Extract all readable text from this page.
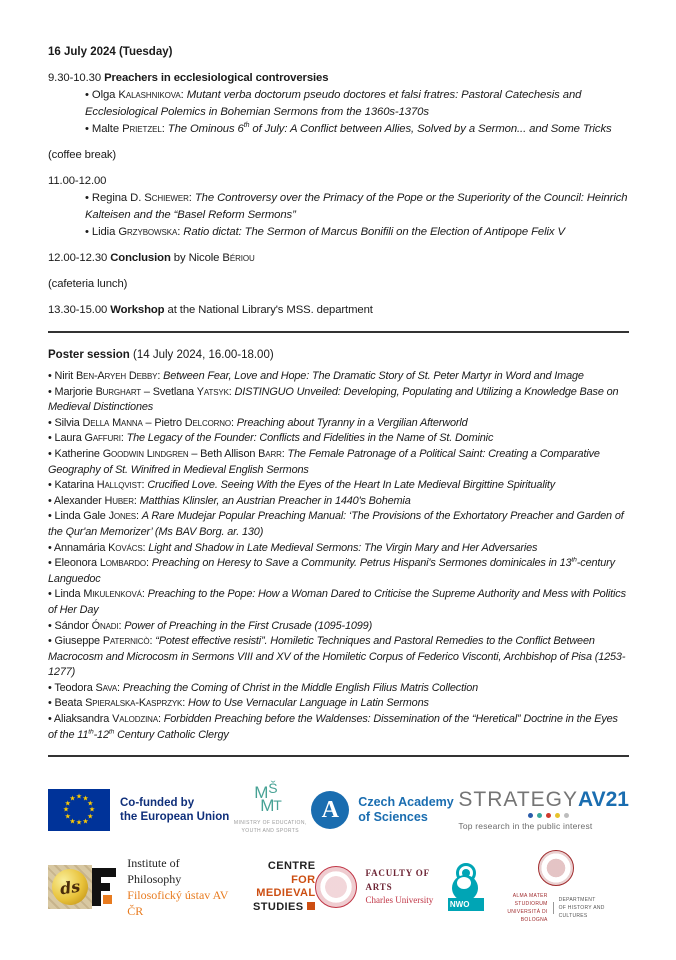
16 July 2024 (Tuesday)
9.30-10.30 Preachers in ecclesiological controversies
• Olga Kalashnikova: Mutant verba doctorum pseudo doctores et falsi fratres: Pastoral Catechesis and Ecclesiological Polemics in Bohemian Sermons from the 1360s-1370s
• Malte Prietzel: The Ominous 6th of July: A Conflict between Allies, Solved by a Sermon... and Some Tricks
(coffee break)
11.00-12.00
• Regina D. Schiewer: The Controversy over the Primacy of the Pope or the Superiority of the Council: Heinrich Kalteisen and the “Basel Reform Sermons”
• Lidia Grzybowska: Ratio dictat: The Sermon of Marcus Bonifili on the Election of Antipope Felix V
12.00-12.30 Conclusion by Nicole Bériou
(cafeteria lunch)
13.30-15.00 Workshop at the National Library's MSS. department

Poster session (14 July 2024, 16.00-18.00)

• Nirit Ben-Aryeh Debby: Between Fear, Love and Hope: The Dramatic Story of St. Peter Martyr in Word and Image

• Marjorie Burghart – Svetlana Yatsyk: DISTINGUO Unveiled: Developing, Populating and Utilizing a Knowledge Base on Medieval Distinctiones

• Silvia Della Manna – Pietro Delcorno: Preaching about Tyranny in a Vergilian Afterworld

• Laura Gaffuri: The Legacy of the Founder: Conflicts and Fidelities in the Name of St. Dominic

• Katherine Goodwin Lindgren – Beth Allison Barr: The Female Patronage of a Political Saint: Creating a Comparative Geography of St. Winifred in Medieval English Sermons

• Katarina Hallqvist: Crucified Love. Seeing With the Eyes of the Heart In Late Medieval Birgittine Spirituality

• Alexander Huber: Matthias Klinsler, an Austrian Preacher in 1440's Bohemia

• Linda Gale Jones: A Rare Mudejar Popular Preaching Manual: ‘The Provisions of the Exhortatory Preacher and Garden of the Qur'an Memorizer’ (Ms BAV Borg. ar. 130)

• Annamária Kovács: Light and Shadow in Late Medieval Sermons: The Virgin Mary and Her Adversaries

• Eleonora Lombardo: Preaching on Heresy to Save a Community. Petrus Hispani's Sermones dominicales in 13th-century Languedoc

• Linda Mikulenková: Preaching to the Pope: How a Woman Dared to Criticise the Supreme Authority and Mess with Politics of Her Day

• Sándor Ónadi: Power of Preaching in the First Crusade (1095-1099)

• Giuseppe Paternicò: “Potest effective resisti”. Homiletic Techniques and Pastoral Remedies to the Conflict Between Macrocosm and Microcosm in Sermons VIII and XV of the Homiletic Corpus of Federico Visconti, Archbishop of Pisa (1253-1277)

• Teodora Sava: Preaching the Coming of Christ in the Middle English Filius Matris Collection

• Beata Spieralska-Kasprzyk: How to Use Vernacular Language in Latin Sermons

• Aliaksandra Valodzina: Forbidden Preaching before the Waldenses: Dissemination of the “Heretical” Doctrine in the Eyes of the 11th-12th Century Catholic Clergy

★ ★
★
★
★
★
★
★
★
★
★
★	Co-funded by
the European Union
M Š
M
T
MINISTRY OF EDUCATION,
YOUTH AND SPORTS
A Czech Academy
of Sciences
STRATEGYAV21
Top research in the public interest
ds
Institute of Philosophy
Filosofický ústav AV ČR
CENTRE
FOR MEDIEVAL
STUDIES
FACULTY OF ARTS
Charles University	NWO
ALMA MATER STUDIORUM
UNIVERSITÀ DI BOLOGNA
DEPARTMENT
OF HISTORY AND CULTURES
